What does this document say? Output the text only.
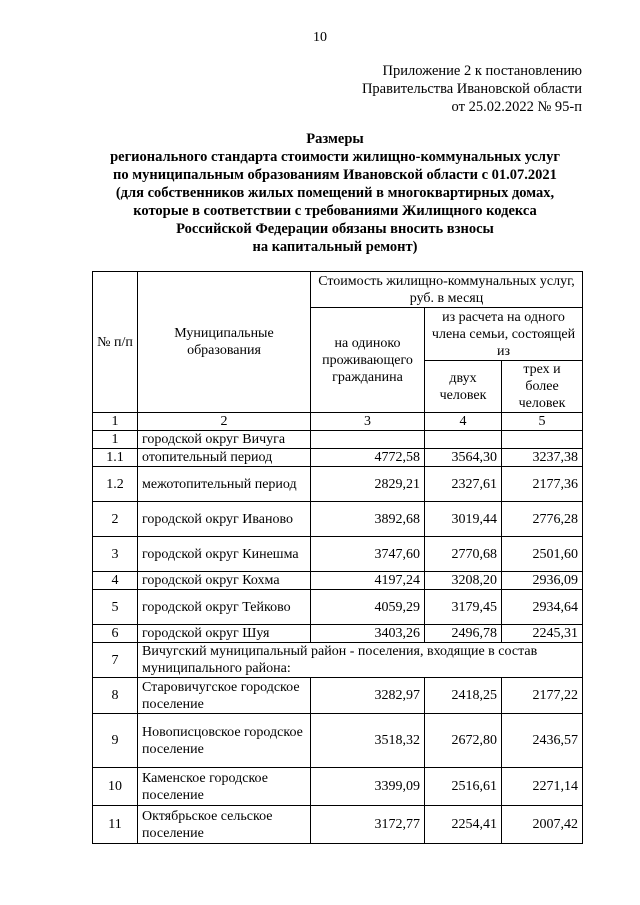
10
Приложение 2 к постановлению
Правительства Ивановской области
от 25.02.2022 № 95-п
Размеры
регионального стандарта стоимости жилищно-коммунальных услуг
по муниципальным образованиям Ивановской области с 01.07.2021
(для собственников жилых помещений в многоквартирных домах,
которые в соответствии с требованиями Жилищного кодекса
Российской Федерации обязаны вносить взносы
на капитальный ремонт)
№ п/п	Муниципальные образования	Стоимость жилищно-коммунальных услуг, руб. в месяц		
		на одиноко проживающего гражданина	из расчета на одного члена семьи, состоящей из	
			двух человек	трех и более человек
1	2	3	4	5
1	городской округ Вичуга			
1.1	отопительный период	4772,58	3564,30	3237,38
1.2	межотопительный период	2829,21	2327,61	2177,36
2	городской округ Иваново	3892,68	3019,44	2776,28
3	городской округ Кинешма	3747,60	2770,68	2501,60
4	городской округ Кохма	4197,24	3208,20	2936,09
5	городской округ Тейково	4059,29	3179,45	2934,64
6	городской округ Шуя	3403,26	2496,78	2245,31
7	Вичугский муниципальный район - поселения, входящие в состав муниципального района:			
8	Старовичугское городское поселение	3282,97	2418,25	2177,22
9	Новописцовское городское поселение	3518,32	2672,80	2436,57
10	Каменское городское поселение	3399,09	2516,61	2271,14
11	Октябрьское сельское поселение	3172,77	2254,41	2007,42
